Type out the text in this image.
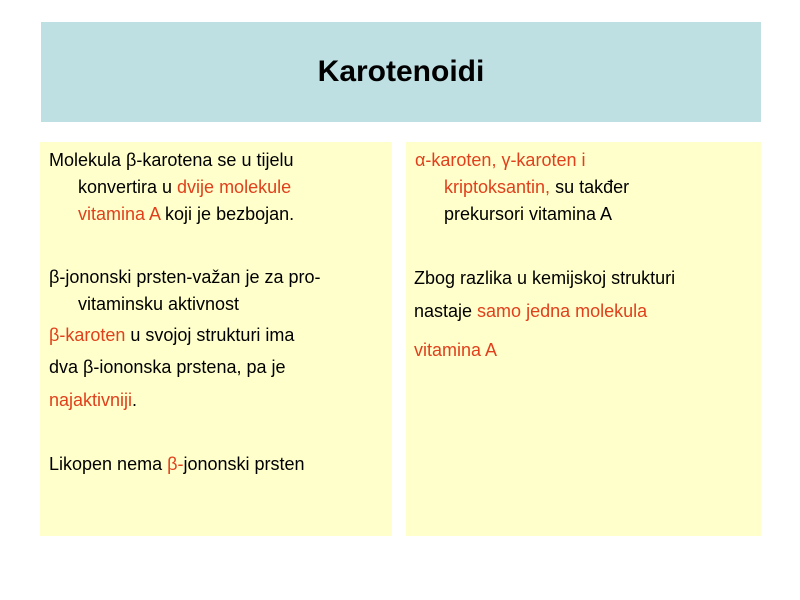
Karotenoidi
Molekula β-karotena se u tijelu
konvertira u dvije molekule
vitamina A koji je bezbojan.
β-jononski prsten-važan je za pro-
vitaminsku aktivnost
β-karoten u svojoj strukturi ima
dva β-iononska prstena, pa je
najaktivniji.
Likopen nema β-jononski prsten
α-karoten, γ-karoten i
kriptoksantin, su takđer
prekursori vitamina A
Zbog razlika u kemijskoj strukturi
nastaje samo jedna molekula
vitamina A
